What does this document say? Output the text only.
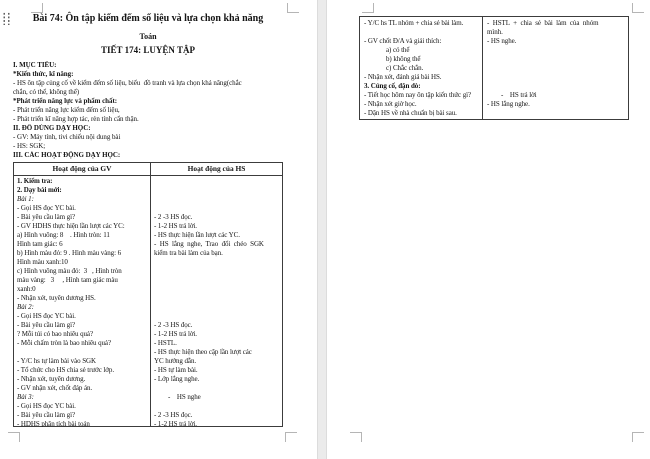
Bài 74: Ôn tập kiểm đếm số liệu và lựa chọn khả năng
Toán
TIẾT 174: LUYỆN TẬP
I. MỤC TIÊU:
*Kiến thức, kĩ năng:
- HS ôn tập củng cố về kiểm đếm số liệu, biểu  đồ tranh và lựa chọn khả năng(chắc
chắn, có thể, không thể)
*Phát triển năng lực và phẩm chất:
- Phát triển năng lực kiểm đếm số liệu,
- Phát triển kĩ năng hợp tác, rèn tính cẩn thận.
II. ĐỒ DÙNG DẠY HỌC:
- GV: Máy tính, tivi chiếu nội dung bài
- HS: SGK;
III. CÁC HOẠT ĐỘNG DẠY HỌC:
Hoạt động của GV	Hoạt động của HS
1. Kiểm tra:
2. Dạy bài mới:
Bài 1:
- Gọi HS đọc YC bài.
- Bài yêu cầu làm gì?
- GV HDHS thực hiện lần lượt các YC:
a) Hình vuông: 8    . Hình tròn: 11
Hình tam giác: 6
b) Hình màu đỏ: 9 . Hình màu vàng: 6
Hình màu xanh:10
c) Hình vuông màu đỏ:  3   , Hình tròn
màu vàng:   3     , Hình tam giác màu
xanh:0
- Nhận xét, tuyên dương HS.
Bài 2:
- Gọi HS đọc YC bài.
- Bài yêu cầu làm gì?
? Mỗi túi có bao nhiêu quả?
- Mỗi chấm tròn là bao nhiêu quả?

- Y/C hs tự làm bài vào SGK
- Tổ chức cho HS chia sẻ trước lớp.
- Nhận xét, tuyên dương.
- GV nhận xét, chốt đáp án.
Bài 3:
- Gọi HS đọc YC bài.
- Bài yêu cầu làm gì?
- HDHS phân tích bài toán

- 2 -3 HS đọc.
- 1-2 HS trả lời.
- HS thực hiện lần lượt các YC.
- HS lắng nghe, Trao đổi chéo SGK
kiểm tra bài làm của bạn.

- 2 -3 HS đọc.
- 1-2 HS trả lời.
- HSTL.
- HS thực hiện theo cặp lần lượt các
YC hướng dẫn.
- HS tự làm bài.
- Lớp lắng nghe.

-    HS nghe

- 2 -3 HS đọc.
- 1-2 HS trả lời.
- Y/C hs TL nhóm + chia sẻ bài làm.

- GV chốt Đ/A và giải thích:
a) có thể
b) không thể
c) Chắc chắn.
- Nhận xét, đánh giá bài HS.
3. Củng cố, dặn dò:
- Tiết học hôm nay ôn tập kiến thức gì?
- Nhận xét giờ học.
- Dặn HS về nhà chuẩn bị bài sau.
- HSTL + chia sẻ bài làm của nhóm
mình.
- HS nghe.

-    HS trả lời
- HS lắng nghe.
